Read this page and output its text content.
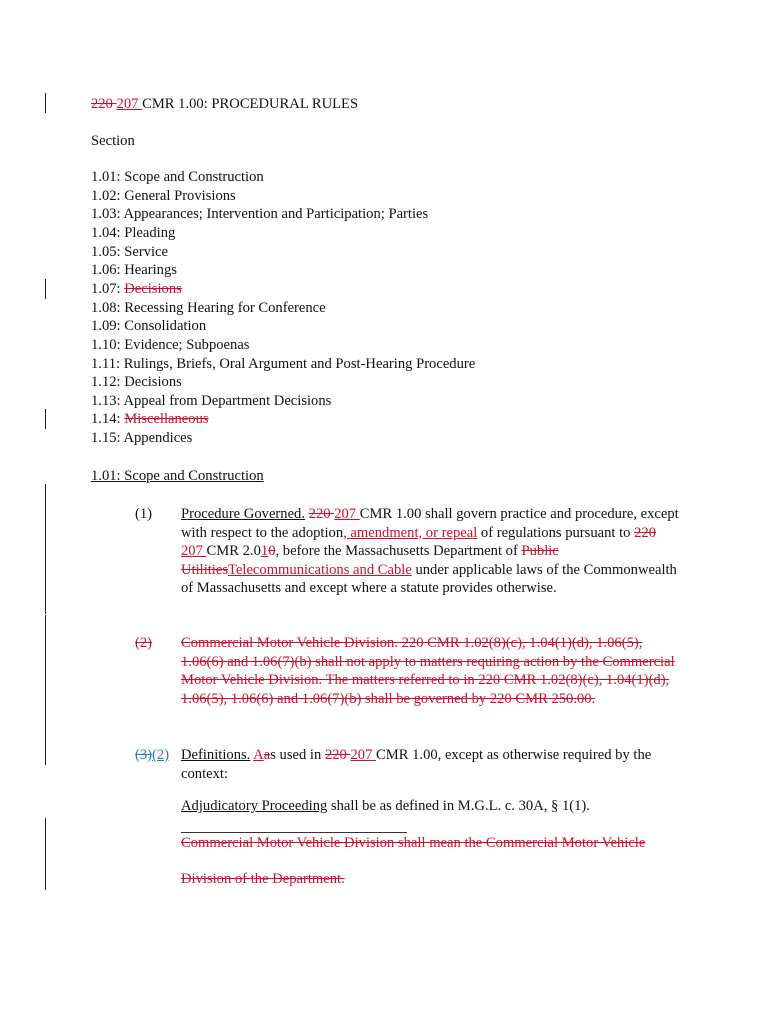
220 207 CMR 1.00: PROCEDURAL RULES
Section
1.01: Scope and Construction
1.02: General Provisions
1.03: Appearances; Intervention and Participation; Parties
1.04: Pleading
1.05: Service
1.06: Hearings
1.07: Decisions
1.08: Recessing Hearing for Conference
1.09: Consolidation
1.10: Evidence; Subpoenas
1.11: Rulings, Briefs, Oral Argument and Post-Hearing Procedure
1.12: Decisions
1.13: Appeal from Department Decisions
1.14: Miscellaneous
1.15: Appendices
1.01: Scope and Construction
(1) Procedure Governed. 220 207 CMR 1.00 shall govern practice and procedure, except with respect to the adoption, amendment, or repeal of regulations pursuant to 220 207 CMR 2.010, before the Massachusetts Department of Public UtilitiesTelecommunications and Cable under applicable laws of the Commonwealth of Massachusetts and except where a statute provides otherwise.
(2) Commercial Motor Vehicle Division. 220 CMR 1.02(8)(c), 1.04(1)(d), 1.06(5), 1.06(6) and 1.06(7)(b) shall not apply to matters requiring action by the Commercial Motor Vehicle Division. The matters referred to in 220 CMR 1.02(8)(c), 1.04(1)(d), 1.06(5), 1.06(6) and 1.06(7)(b) shall be governed by 220 CMR 250.00.
(3)(2) Definitions. Aas used in 220 207 CMR 1.00, except as otherwise required by the context:
Adjudicatory Proceeding shall be as defined in M.G.L. c. 30A, § 1(1).
Commercial Motor Vehicle Division shall mean the Commercial Motor Vehicle
Division of the Department.
